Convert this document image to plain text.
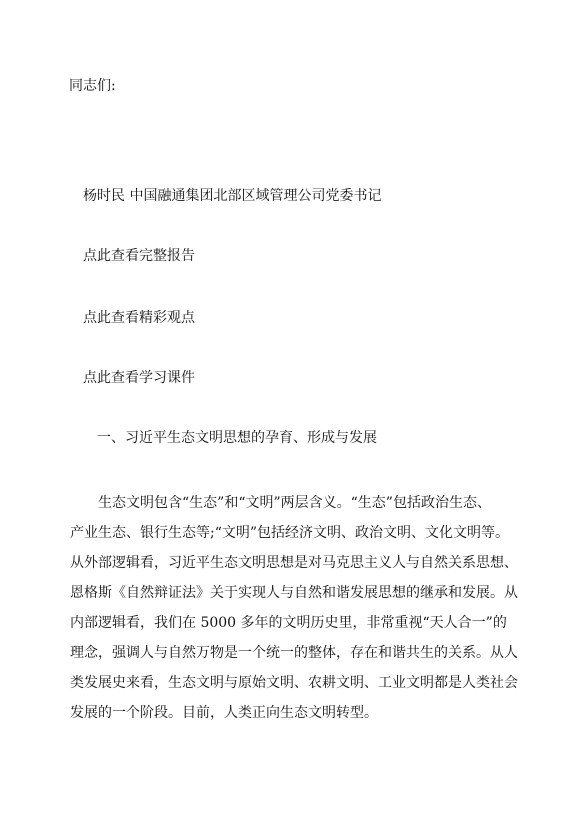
同志们:
杨时民 中国融通集团北部区域管理公司党委书记
点此查看完整报告
点此查看精彩观点
点此查看学习课件
一、习近平生态文明思想的孕育、形成与发展
生态文明包含“生态”和“文明”两层含义。“生态”包括政治生态、
产业生态、银行生态等;“文明”包括经济文明、政治文明、文化文明等。
从外部逻辑看，习近平生态文明思想是对马克思主义人与自然关系思想、
恩格斯《自然辩证法》关于实现人与自然和谐发展思想的继承和发展。从
内部逻辑看，我们在 5000 多年的文明历史里，非常重视“天人合一”的
理念，强调人与自然万物是一个统一的整体，存在和谐共生的关系。从人
类发展史来看，生态文明与原始文明、农耕文明、工业文明都是人类社会
发展的一个阶段。目前，人类正向生态文明转型。
